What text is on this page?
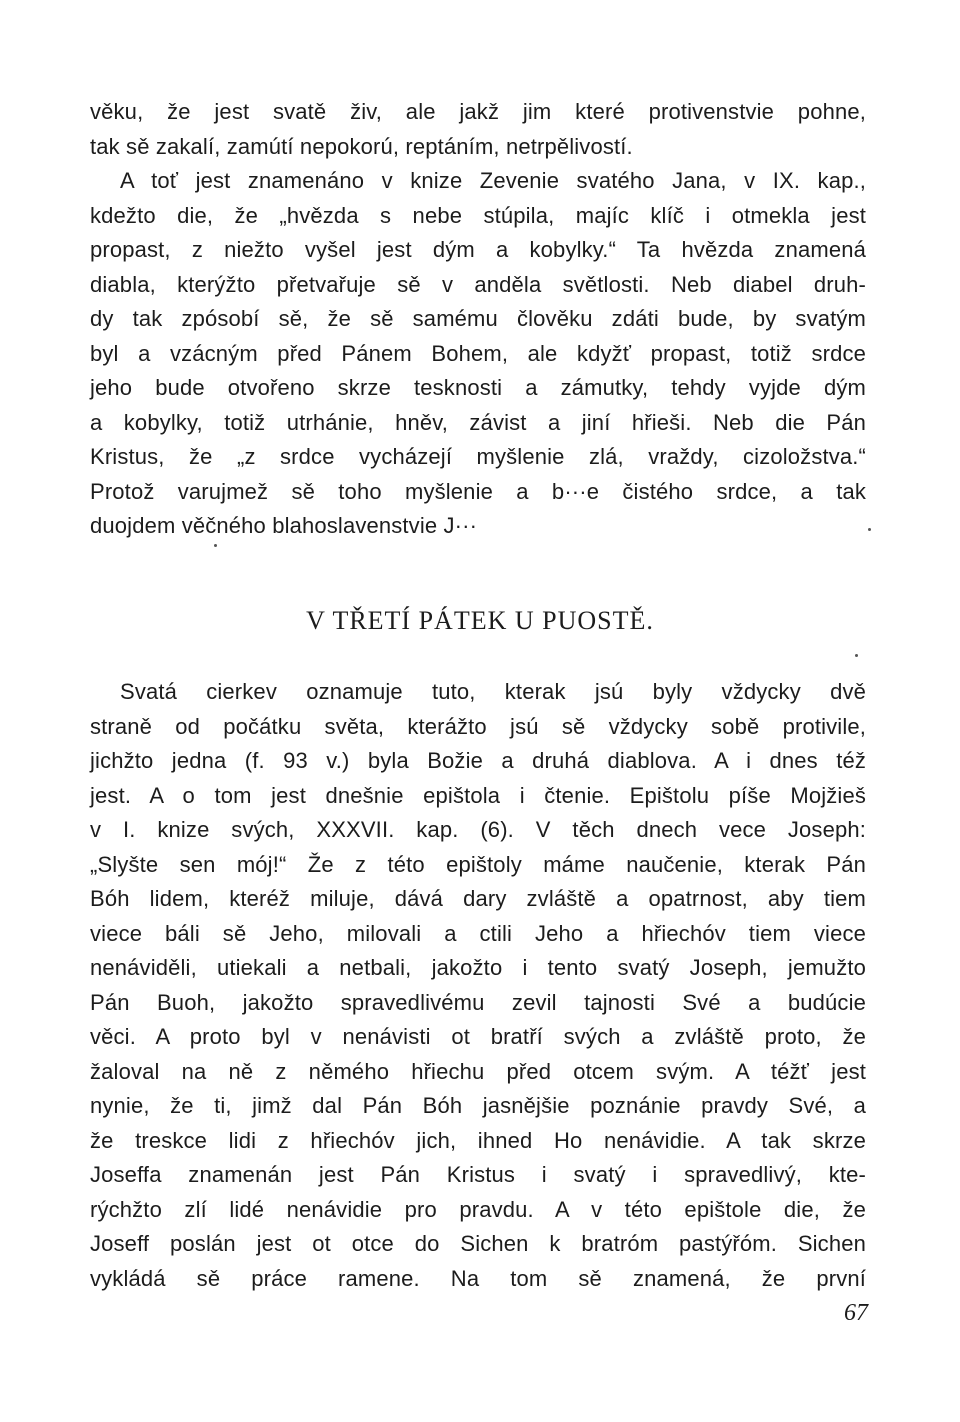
věku, že jest svatě živ, ale jakž jim které protivenstvie pohne,
tak sě zakalí, zamútí nepokorú, reptáním, netrpělivostí.
A toť jest znamenáno v knize Zevenie svatého Jana, v IX. kap.,
kdežto die, že „hvězda s nebe stúpila, majíc klíč i otmekla jest
propast, z niežto vyšel jest dým a kobylky.“ Ta hvězda znamená
diabla, kterýžto přetvařuje sě v anděla světlosti. Neb diabel druh-
dy tak zpósobí sě, že sě samému člověku zdáti bude, by svatým
byl a vzácným před Pánem Bohem, ale kdyžť propast, totiž srdce
jeho bude otvořeno skrze tesknosti a zámutky, tehdy vyjde dým
a kobylky, totiž utrhánie, hněv, závist a jiní hřieši. Neb die Pán
Kristus, že „z srdce vycházejí myšlenie zlá, vraždy, cizoložstva.“
Protož varujmež sě toho myšlenie a b···e čistého srdce, a tak
duojdem věčného blahoslavenstvie J···
V TŘETÍ PÁTEK U PUOSTĚ.
Svatá cierkev oznamuje tuto, kterak jsú byly vždycky dvě
straně od počátku světa, kterážto jsú sě vždycky sobě protivile,
jichžto jedna (f. 93 v.) byla Božie a druhá diablova. A i dnes též
jest. A o tom jest dnešnie epištola i čtenie. Epištolu píše Mojžieš
v I. knize svých, XXXVII. kap. (6). V těch dnech vece Joseph:
„Slyšte sen mój!“ Že z této epištoly máme naučenie, kterak Pán
Bóh lidem, kteréž miluje, dává dary zvláště a opatrnost, aby tiem
viece báli sě Jeho, milovali a ctili Jeho a hřiechóv tiem viece
nenáviděli, utiekali a netbali, jakožto i tento svatý Joseph, jemužto
Pán Buoh, jakožto spravedlivému zevil tajnosti Své a budúcie
věci. A proto byl v nenávisti ot bratří svých a zvláště proto, že
žaloval na ně z němého hřiechu před otcem svým. A téžť jest
nynie, že ti, jimž dal Pán Bóh jasnějšie poznánie pravdy Své, a
že treskce lidi z hřiechóv jich, ihned Ho nenávidie. A tak skrze
Joseffa znamenán jest Pán Kristus i svatý i spravedlivý, kte-
rýchžto zlí lidé nenávidie pro pravdu. A v této epištole die, že
Joseff poslán jest ot otce do Sichen k bratróm pastýřóm. Sichen
vykládá sě práce ramene. Na tom sě znamená, že první
67
